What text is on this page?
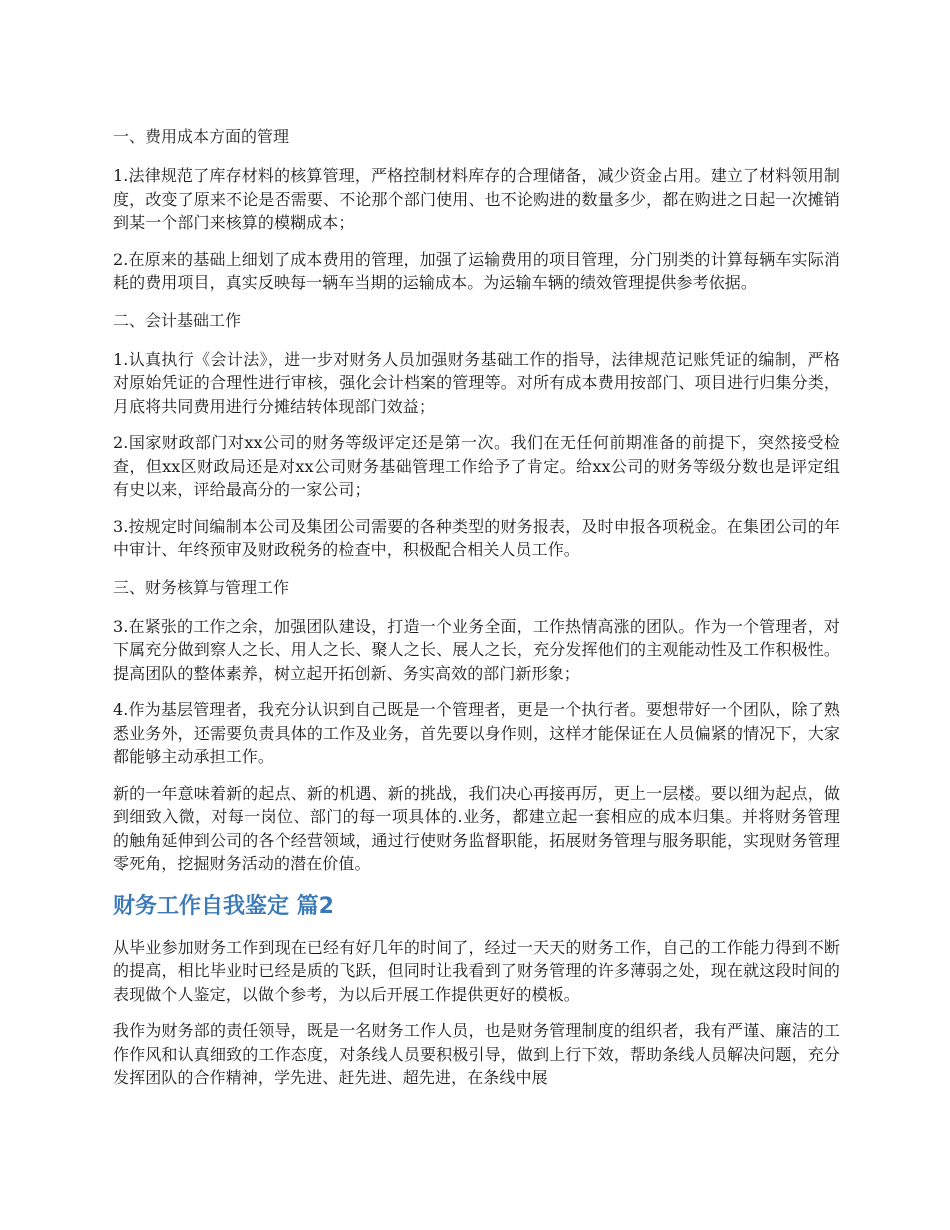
一、费用成本方面的管理

1.法律规范了库存材料的核算管理，严格控制材料库存的合理储备，减少资金占用。建立了材料领用制度，改变了原来不论是否需要、不论那个部门使用、也不论购进的数量多少，都在购进之日起一次摊销到某一个部门来核算的模糊成本；

2.在原来的基础上细划了成本费用的管理，加强了运输费用的项目管理，分门别类的计算每辆车实际消耗的费用项目，真实反映每一辆车当期的运输成本。为运输车辆的绩效管理提供参考依据。

二、会计基础工作

1.认真执行《会计法》，进一步对财务人员加强财务基础工作的指导，法律规范记账凭证的编制，严格对原始凭证的合理性进行审核，强化会计档案的管理等。对所有成本费用按部门、项目进行归集分类，月底将共同费用进行分摊结转体现部门效益；

2.国家财政部门对xx公司的财务等级评定还是第一次。我们在无任何前期准备的前提下，突然接受检查，但xx区财政局还是对xx公司财务基础管理工作给予了肯定。给xx公司的财务等级分数也是评定组有史以来，评给最高分的一家公司；

3.按规定时间编制本公司及集团公司需要的各种类型的财务报表，及时申报各项税金。在集团公司的年中审计、年终预审及财政税务的检查中，积极配合相关人员工作。

三、财务核算与管理工作

3.在紧张的工作之余，加强团队建设，打造一个业务全面，工作热情高涨的团队。作为一个管理者，对下属充分做到察人之长、用人之长、聚人之长、展人之长，充分发挥他们的主观能动性及工作积极性。提高团队的整体素养，树立起开拓创新、务实高效的部门新形象；

4.作为基层管理者，我充分认识到自己既是一个管理者，更是一个执行者。要想带好一个团队，除了熟悉业务外，还需要负责具体的工作及业务，首先要以身作则，这样才能保证在人员偏紧的情况下，大家都能够主动承担工作。

新的一年意味着新的起点、新的机遇、新的挑战，我们决心再接再厉，更上一层楼。要以细为起点，做到细致入微，对每一岗位、部门的每一项具体的.业务，都建立起一套相应的成本归集。并将财务管理的触角延伸到公司的各个经营领域，通过行使财务监督职能，拓展财务管理与服务职能，实现财务管理零死角，挖掘财务活动的潜在价值。

财务工作自我鉴定 篇2

从毕业参加财务工作到现在已经有好几年的时间了，经过一天天的财务工作，自己的工作能力得到不断的提高，相比毕业时已经是质的飞跃，但同时让我看到了财务管理的许多薄弱之处，现在就这段时间的表现做个人鉴定，以做个参考，为以后开展工作提供更好的模板。

我作为财务部的责任领导，既是一名财务工作人员，也是财务管理制度的组织者，我有严谨、廉洁的工作作风和认真细致的工作态度，对条线人员要积极引导，做到上行下效，帮助条线人员解决问题，充分发挥团队的合作精神，学先进、赶先进、超先进，在条线中展
